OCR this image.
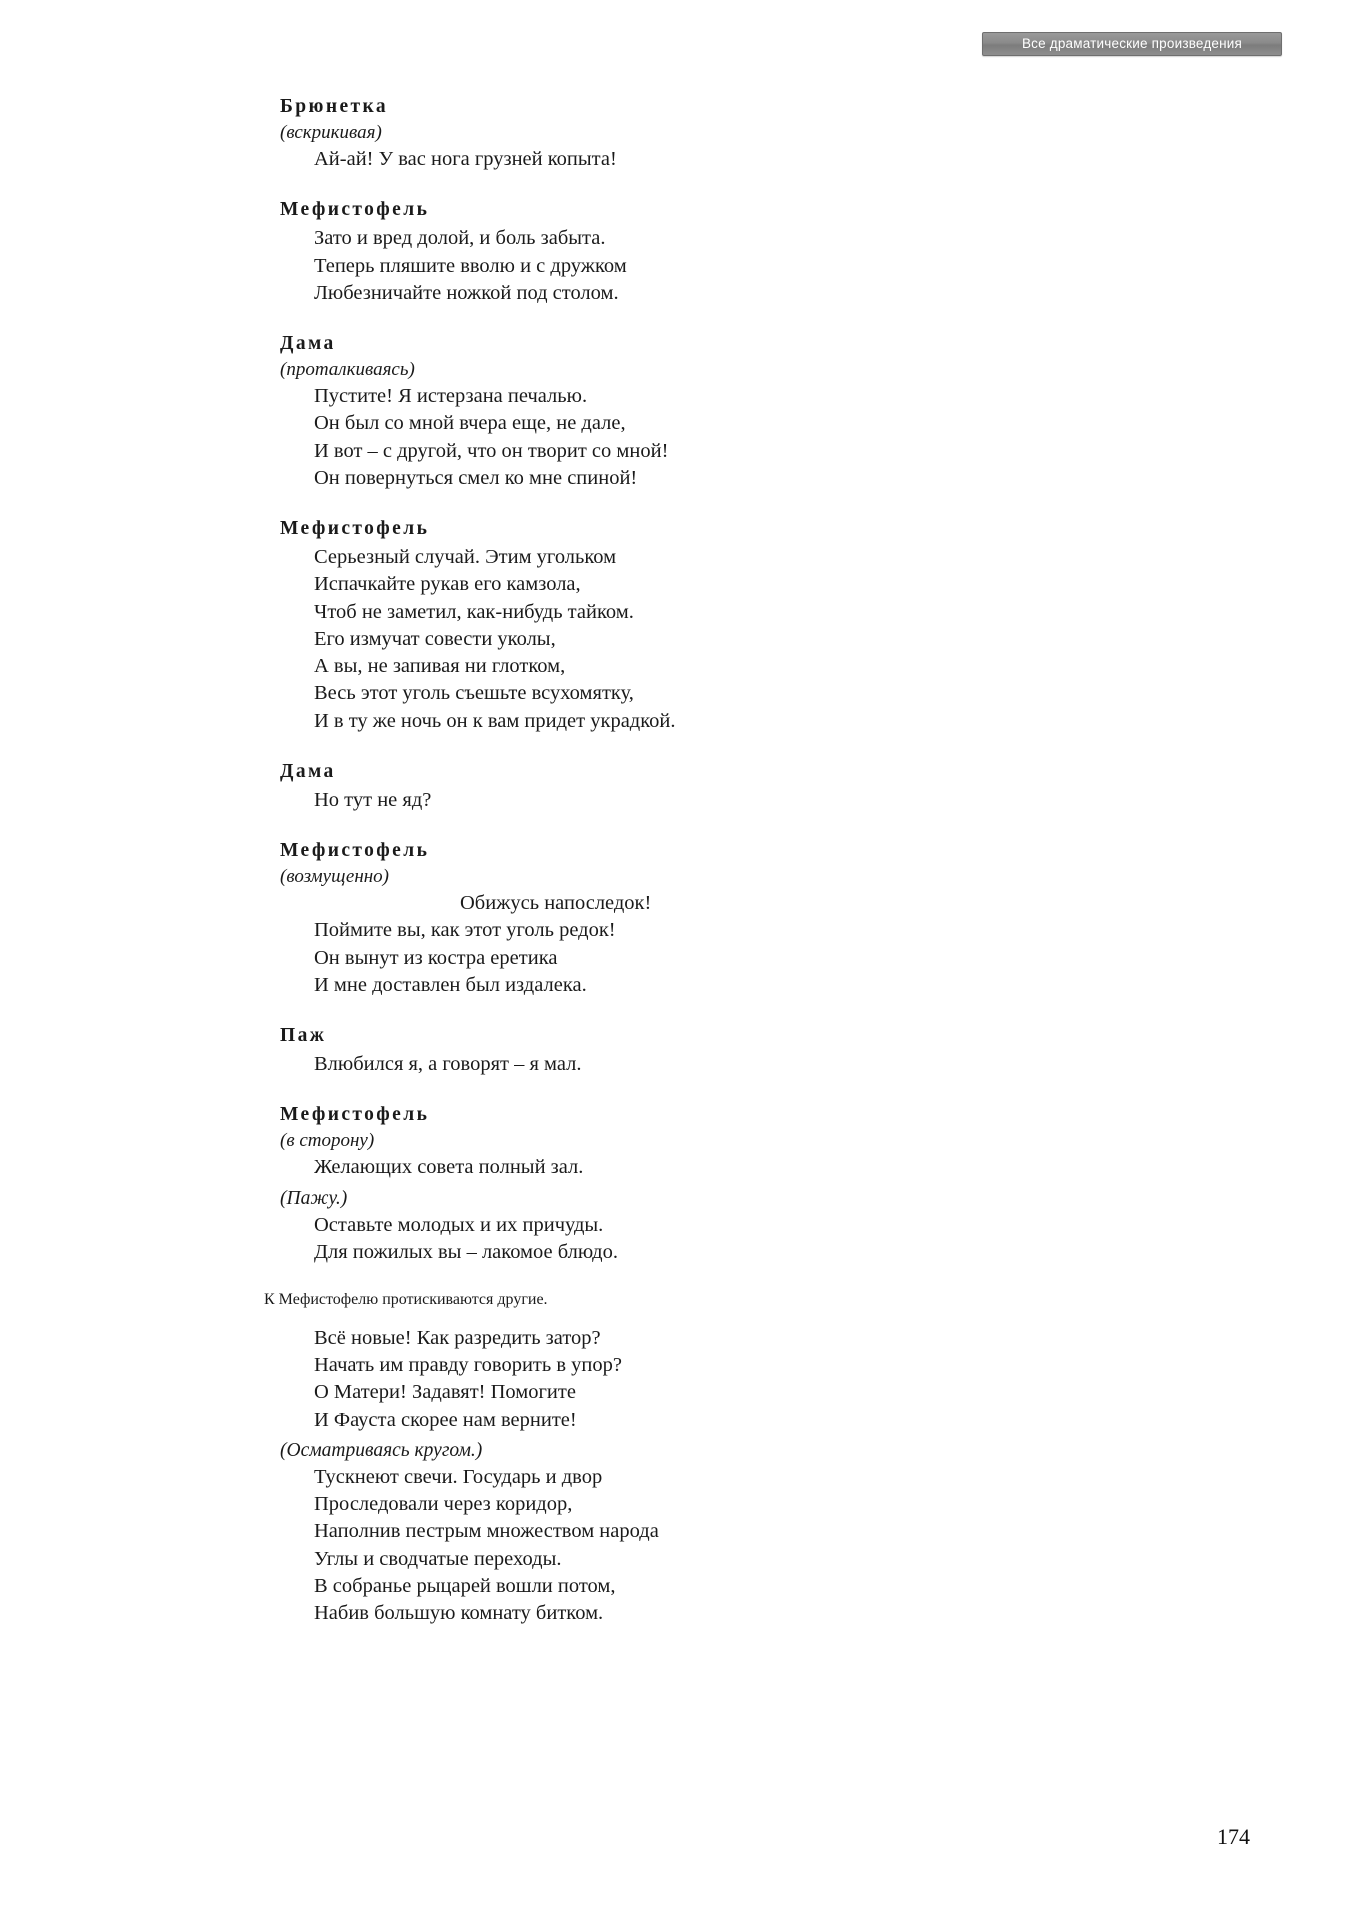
Все драматические произведения
Брюнетка
(вскрикивая)
Ай-ай! У вас нога грузней копыта!
Мефистофель
Зато и вред долой, и боль забыта.
Теперь пляшите вволю и с дружком
Любезничайте ножкой под столом.
Дама
(проталкиваясь)
Пустите! Я истерзана печалью.
Он был со мной вчера еще, не дале,
И вот – с другой, что он творит со мной!
Он повернуться смел ко мне спиной!
Мефистофель
Серьезный случай. Этим угольком
Испачкайте рукав его камзола,
Чтоб не заметил, как-нибудь тайком.
Его измучат совести уколы,
А вы, не запивая ни глотком,
Весь этот уголь съешьте всухомятку,
И в ту же ночь он к вам придет украдкой.
Дама
Но тут не яд?
Мефистофель
(возмущенно)
Обижусь напоследок!
Поймите вы, как этот уголь редок!
Он вынут из костра еретика
И мне доставлен был издалека.
Паж
Влюбился я, а говорят – я мал.
Мефистофель
(в сторону)
Желающих совета полный зал.
(Пажу.)
Оставьте молодых и их причуды.
Для пожилых вы – лакомое блюдо.
К Мефистофелю протискиваются другие.
Всё новые! Как разредить затор?
Начать им правду говорить в упор?
О Матери! Задавят! Помогите
И Фауста скорее нам верните!
(Осматриваясь кругом.)
Тускнеют свечи. Государь и двор
Проследовали через коридор,
Наполнив пестрым множеством народа
Углы и сводчатые переходы.
В собранье рыцарей вошли потом,
Набив большую комнату битком.
174
